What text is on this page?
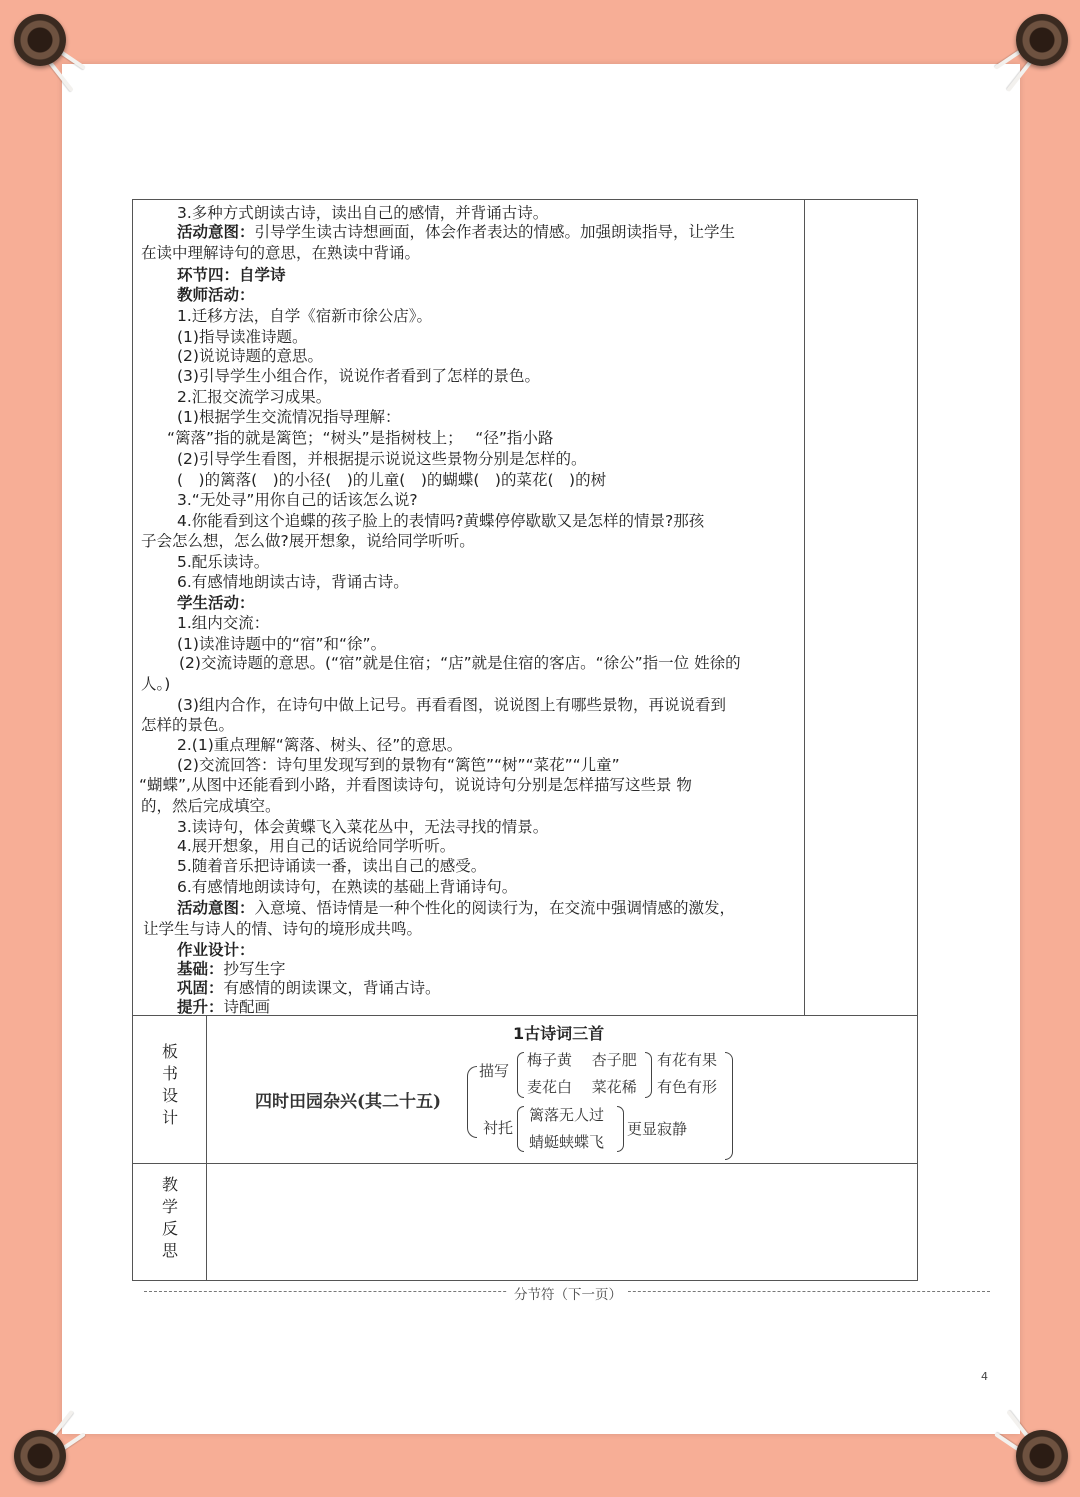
3.多种方式朗读古诗，读出自己的感情，并背诵古诗。
活动意图：引导学生读古诗想画面，体会作者表达的情感。加强朗读指导，让学生
在读中理解诗句的意思，在熟读中背诵。
环节四：自学诗
教师活动：
1.迁移方法，自学《宿新市徐公店》。
(1)指导读准诗题。
(2)说说诗题的意思。
(3)引导学生小组合作，说说作者看到了怎样的景色。
2.汇报交流学习成果。
(1)根据学生交流情况指导理解：
“篱落”指的就是篱笆；“树头”是指树枝上；　 “径”指小路
(2)引导学生看图，并根据提示说说这些景物分别是怎样的。
(　)的篱落(　)的小径(　)的儿童(　)的蝴蝶(　)的菜花(　)的树
3.“无处寻”用你自己的话该怎么说?
4.你能看到这个追蝶的孩子脸上的表情吗?黄蝶停停歇歇又是怎样的情景?那孩
子会怎么想，怎么做?展开想象，说给同学听听。
5.配乐读诗。
6.有感情地朗读古诗，背诵古诗。
学生活动：
1.组内交流：
(1)读准诗题中的“宿”和“徐”。
(2)交流诗题的意思。(“宿”就是住宿；“店”就是住宿的客店。“徐公”指一位 姓徐的
人。)
(3)组内合作，在诗句中做上记号。再看看图，说说图上有哪些景物，再说说看到
怎样的景色。
2.(1)重点理解“篱落、树头、径”的意思。
(2)交流回答：诗句里发现写到的景物有“篱笆”“树”“菜花”“儿童”
“蝴蝶”,从图中还能看到小路，并看图读诗句，说说诗句分别是怎样描写这些景 物
的，然后完成填空。
3.读诗句，体会黄蝶飞入菜花丛中，无法寻找的情景。
4.展开想象，用自己的话说给同学听听。
5.随着音乐把诗诵读一番，读出自己的感受。
6.有感情地朗读诗句，在熟读的基础上背诵诗句。
活动意图：入意境、悟诗情是一种个性化的阅读行为，在交流中强调情感的激发，
让学生与诗人的情、诗句的境形成共鸣。
作业设计：
基础：抄写生字
巩固：有感情的朗读课文，背诵古诗。
提升：诗配画
板
书
设
计
1古诗词三首
四时田园杂兴(其二十五)
描写
衬托
梅子黄　 杏子肥
麦花白　 菜花稀
篱落无人过
蜻蜓蛱蝶飞
有花有果
有色有形
更显寂静
教
学
反
思
分节符（下一页）
4
